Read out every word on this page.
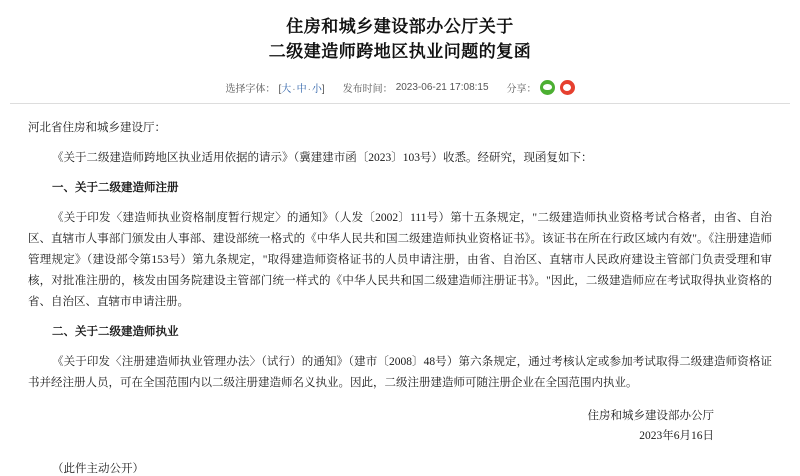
住房和城乡建设部办公厅关于
二级建造师跨地区执业问题的复函
选择字体： [大·中·小] 发布时间： 2023-06-21 17:08:15 分享：

河北省住房和城乡建设厅：

《关于二级建造师跨地区执业适用依据的请示》（冀建建市函〔2023〕103号）收悉。经研究，现函复如下：

一、关于二级建造师注册

《关于印发〈建造师执业资格制度暂行规定〉的通知》（人发〔2002〕111号）第十五条规定，"二级建造师执业资格考试合格者，由省、自治区、直辖市人事部门颁发由人事部、建设部统一格式的《中华人民共和国二级建造师执业资格证书》。该证书在所在行政区域内有效"。《注册建造师管理规定》（建设部令第153号）第九条规定，"取得建造师资格证书的人员申请注册，由省、自治区、直辖市人民政府建设主管部门负责受理和审核，对批准注册的，核发由国务院建设主管部门统一样式的《中华人民共和国二级建造师注册证书》。"因此，二级建造师应在考试取得执业资格的省、自治区、直辖市申请注册。

二、关于二级建造师执业

《关于印发〈注册建造师执业管理办法〉（试行）的通知》（建市〔2008〕48号）第六条规定，通过考核认定或参加考试取得二级建造师资格证书并经注册人员，可在全国范围内以二级注册建造师名义执业。因此，二级注册建造师可随注册企业在全国范围内执业。

住房和城乡建设部办公厅
2023年6月16日
（此件主动公开）
